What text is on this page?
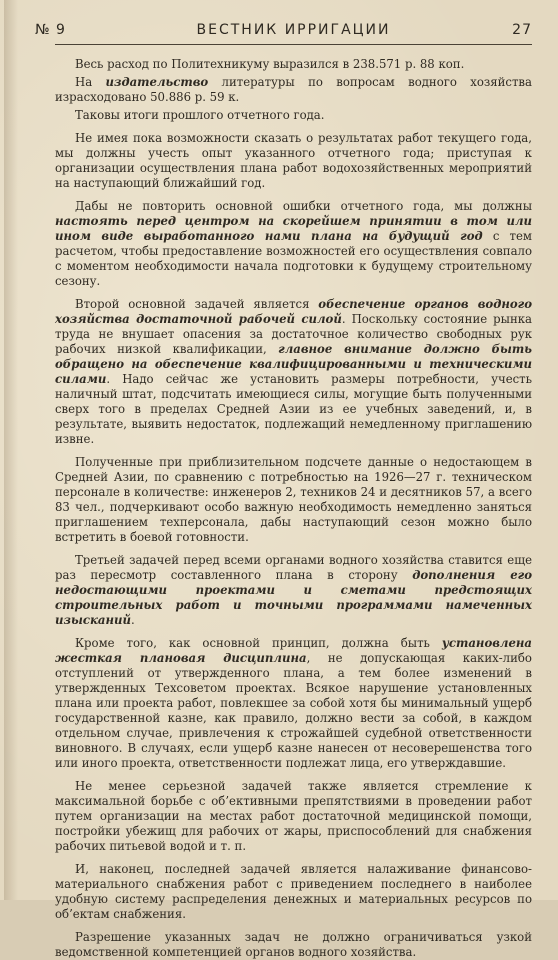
№ 9	ВЕСТНИК ИРРИГАЦИИ	27

Весь расход по Политехникуму выразился в 238.571 р. 88 коп.

На издательство литературы по вопросам водного хозяйства израсходовано 50.886 р. 59 к.

Таковы итоги прошлого отчетного года.

Не имея пока возможности сказать о результатах работ текущего года, мы должны учесть опыт указанного отчетного года; приступая к организации осуществления плана работ водохозяйственных мероприятий на наступающий ближайший год.

Дабы не повторить основной ошибки отчетного года, мы должны настоять перед центром на скорейшем принятии в том или ином виде выработанного нами плана на будущий год с тем расчетом, чтобы предоставление возможностей его осуществления совпало с моментом необходимости начала подготовки к будущему строительному сезону.

Второй основной задачей является обеспечение органов водного хозяйства достаточной рабочей силой. Поскольку состояние рынка труда не внушает опасения за достаточное количество свободных рук рабочих низкой квалификации, главное внимание должно быть обращено на обеспечение квалифицированными и техническими силами. Надо сейчас же установить размеры потребности, учесть наличный штат, подсчитать имеющиеся силы, могущие быть полученными сверх того в пределах Средней Азии из ее учебных заведений, и, в результате, выявить недостаток, подлежащий немедленному приглашению извне.

Полученные при приблизительном подсчете данные о недостающем в Средней Азии, по сравнению с потребностью на 1926—27 г. техническом персонале в количестве: инженеров 2, техников 24 и десятников 57, а всего 83 чел., подчеркивают особо важную необходимость немедленно заняться приглашением техперсонала, дабы наступающий сезон можно было встретить в боевой готовности.

Третьей задачей перед всеми органами водного хозяйства ставится еще раз пересмотр составленного плана в сторону дополнения его недостающими проектами и сметами предстоящих строительных работ и точными программами намеченных изысканий.

Кроме того, как основной принцип, должна быть установлена жесткая плановая дисциплина, не допускающая каких-либо отступлений от утвержденного плана, а тем более изменений в утвержденных Техсоветом проектах. Всякое нарушение установленных плана или проекта работ, повлекшее за собой хотя бы минимальный ущерб государственной казне, как правило, должно вести за собой, в каждом отдельном случае, привлечения к строжайшей судебной ответственности виновного. В случаях, если ущерб казне нанесен от несоверешенства того или иного проекта, ответственности подлежат лица, его утверждавшие.

Не менее серьезной задачей также является стремление к максимальной борьбе с об’ективными препятствиями в проведении работ путем организации на местах работ достаточной медицинской помощи, постройки убежищ для рабочих от жары, приспособлений для снабжения рабочих питьевой водой и т. п.

И, наконец, последней задачей является налаживание финансово-материального снабжения работ с приведением последнего в наиболее удобную систему распределения денежных и материальных ресурсов по об’ектам снабжения.

Разрешение указанных задач не должно ограничиваться узкой ведомственной компетенцией органов водного хозяйства.
